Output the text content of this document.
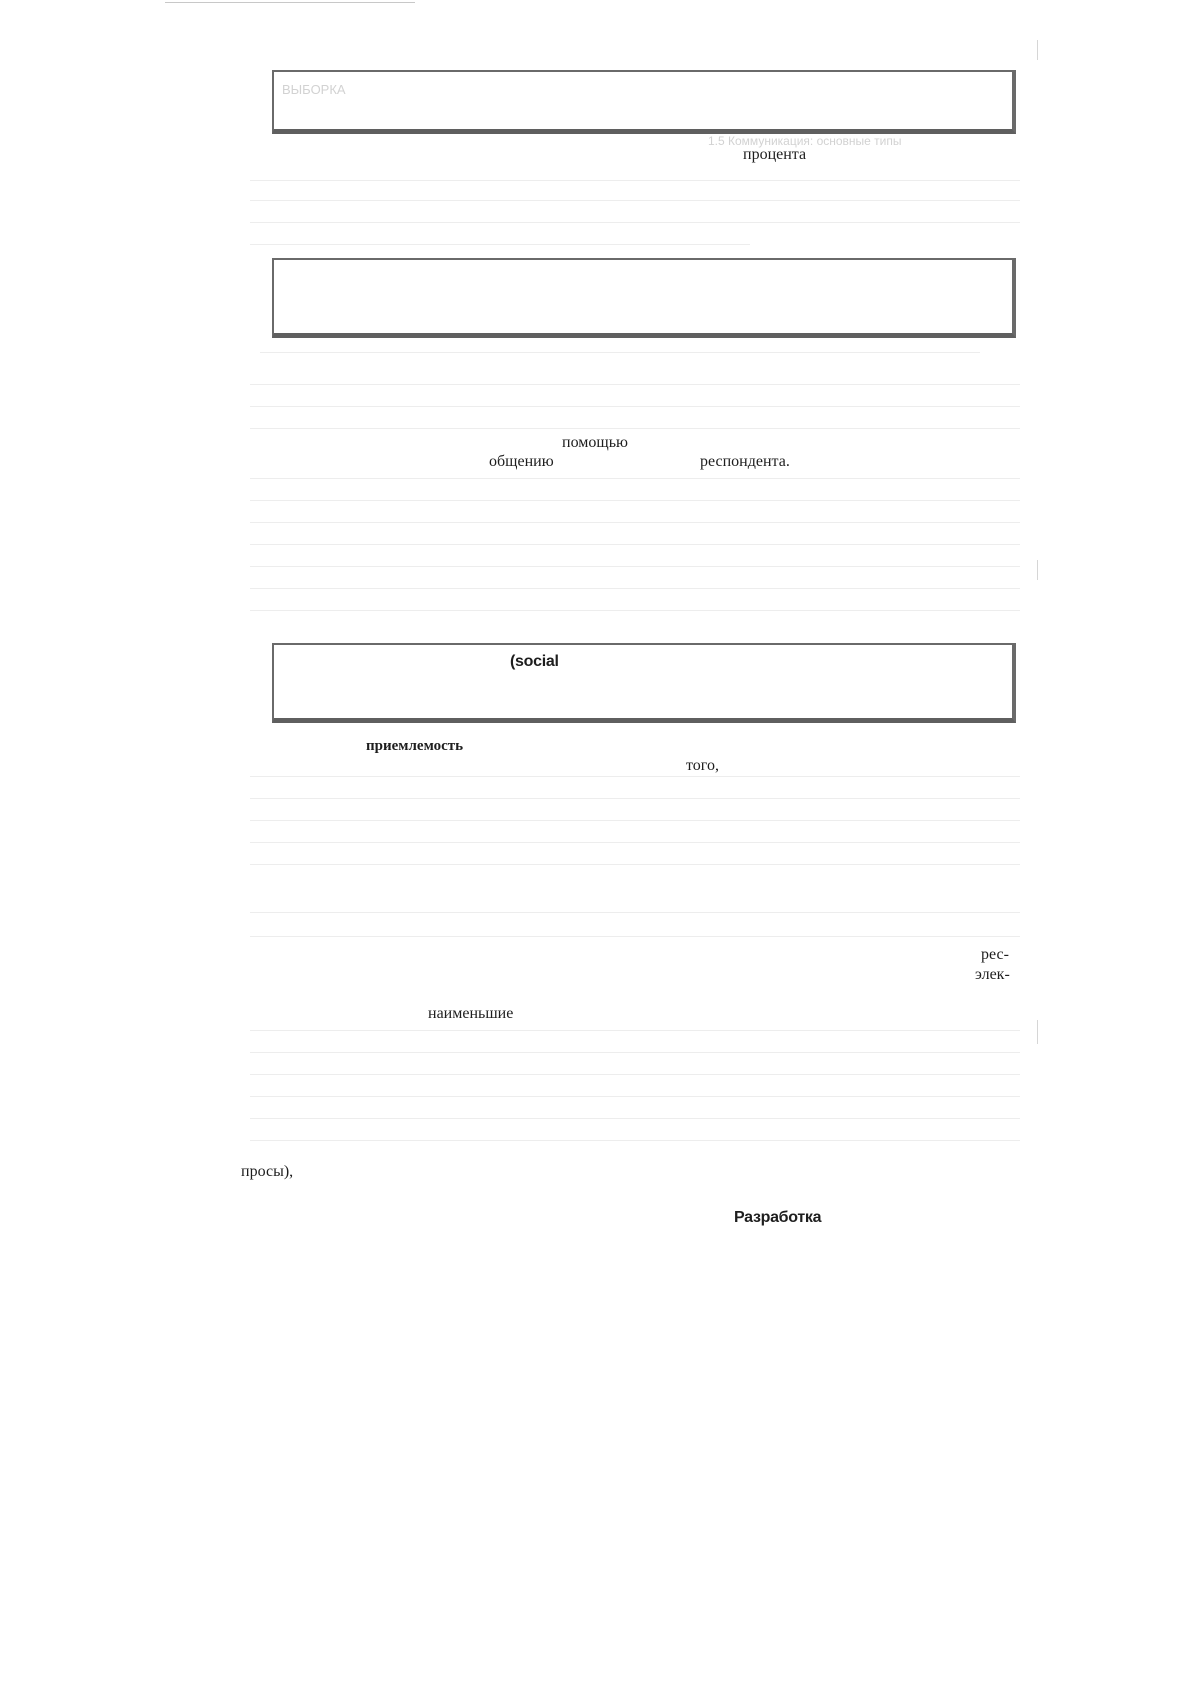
ВЫБОРКА
1.5 Коммуникация: основные типы
процента
помощью
общению	респондента.
(social
приемлемость
того,
рес-
элек-
наименьшие
просы),
Разработка
